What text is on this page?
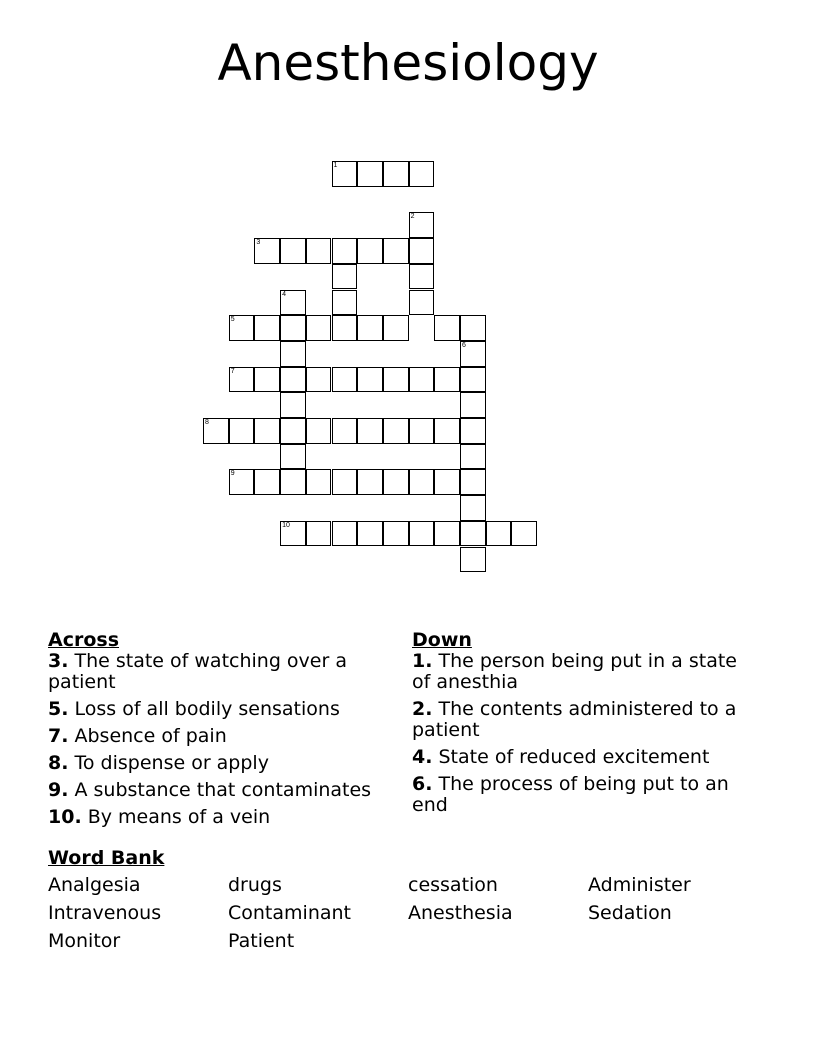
Anesthesiology
1
3
2
4
5
6
7
8
9
10
Across
3. The state of watching over a patient
5. Loss of all bodily sensations
7. Absence of pain
8. To dispense or apply
9. A substance that contaminates
10. By means of a vein
Down
1. The person being put in a state of anesthia
2. The contents administered to a patient
4. State of reduced excitement
6. The process of being put to an end
Word Bank
Analgesia	drugs	cessation	Administer
Intravenous	Contaminant	Anesthesia	Sedation
Monitor	Patient
